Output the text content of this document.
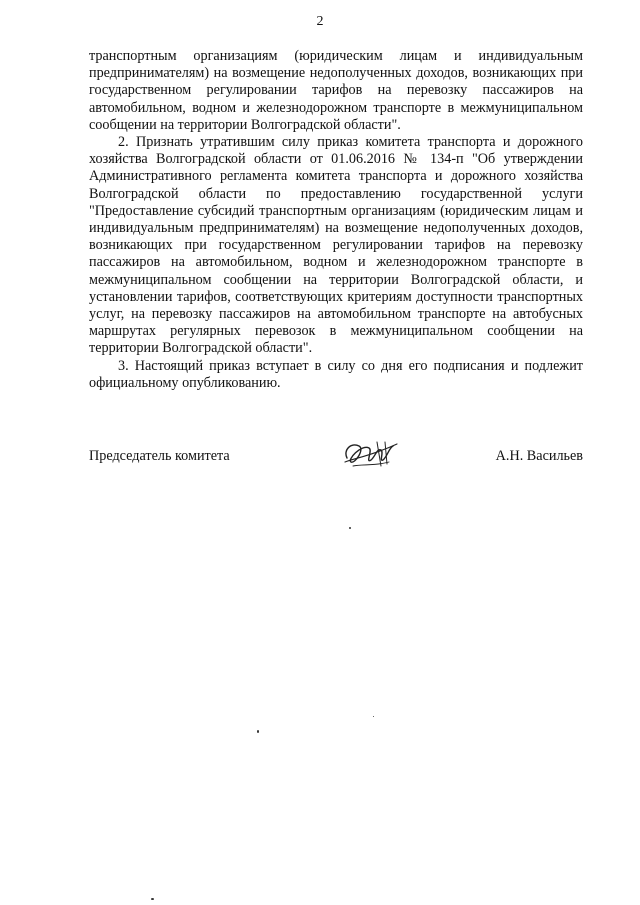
2

транспортным организациям (юридическим лицам и индивидуальным предпринимателям) на возмещение недополученных доходов, возникающих при государственном регулировании тарифов на перевозку пассажиров на автомобильном, водном и железнодорожном транспорте в межмуниципальном сообщении на территории Волгоградской области".

2. Признать утратившим силу приказ комитета транспорта и дорожного хозяйства Волгоградской области от 01.06.2016 № 134-п "Об утверждении Административного регламента комитета транспорта и дорожного хозяйства Волгоградской области по предоставлению государственной услуги "Предоставление субсидий транспортным организациям (юридическим лицам и индивидуальным предпринимателям) на возмещение недополученных доходов, возникающих при государственном регулировании тарифов на перевозку пассажиров на автомобильном, водном и железнодорожном транспорте в межмуниципальном сообщении на территории Волгоградской области, и установлении тарифов, соответствующих критериям доступности транспортных услуг, на перевозку пассажиров на автомобильном транспорте на автобусных маршрутах регулярных перевозок в межмуниципальном сообщении на территории Волгоградской области".

3. Настоящий приказ вступает в силу со дня его подписания и подлежит официальному опубликованию.

Председатель комитета	А.Н. Васильев
